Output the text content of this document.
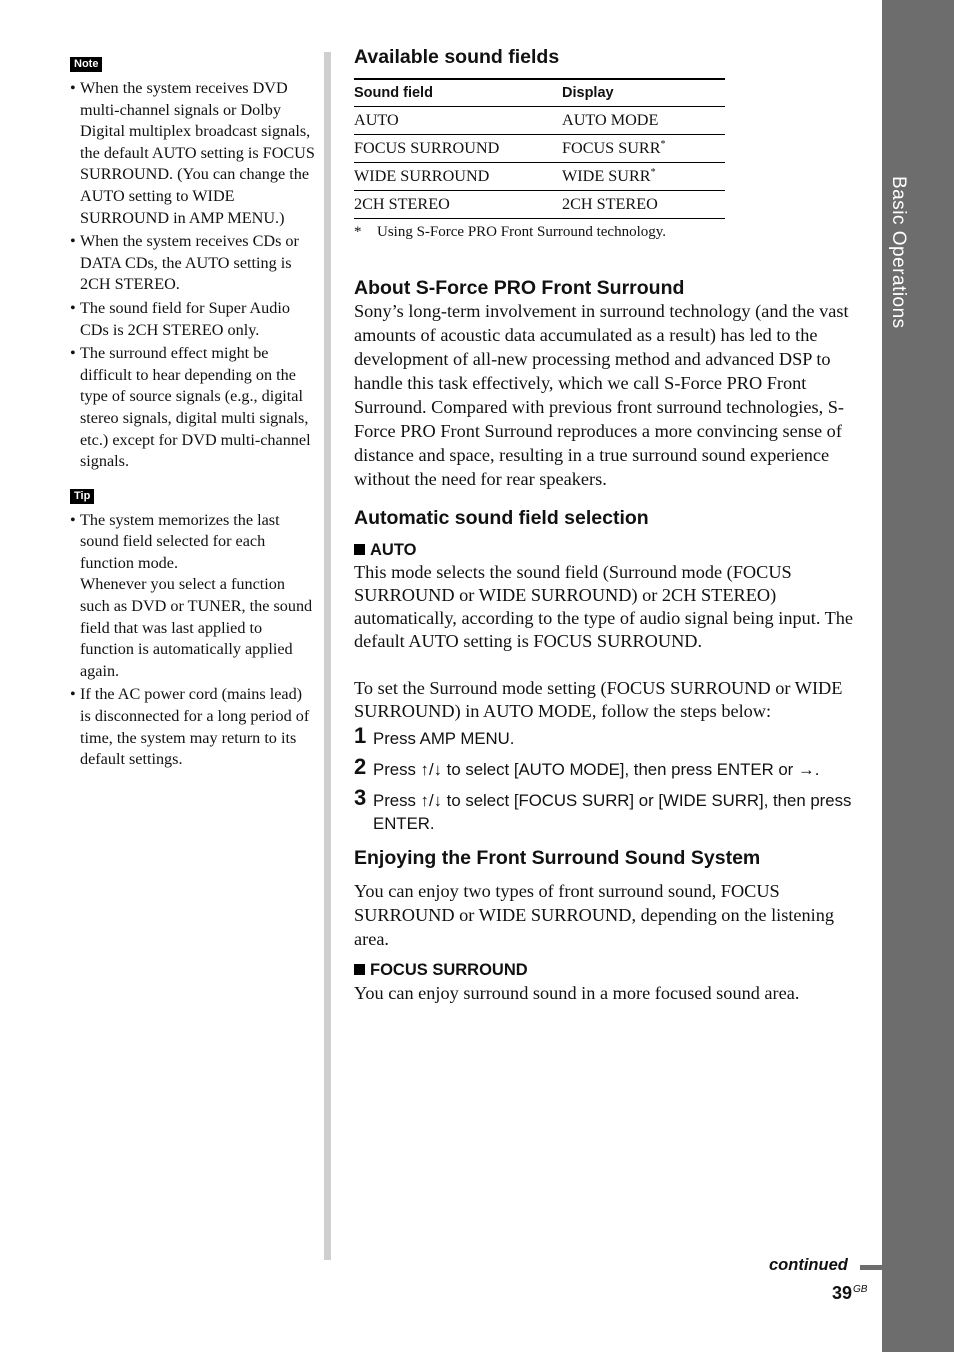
Basic Operations
Note
• When the system receives DVD multi-channel signals or Dolby Digital multiplex broadcast signals, the default AUTO setting is FOCUS SURROUND. (You can change the AUTO setting to WIDE SURROUND in AMP MENU.)
• When the system receives CDs or DATA CDs, the AUTO setting is 2CH STEREO.
• The sound field for Super Audio CDs is 2CH STEREO only.
• The surround effect might be difficult to hear depending on the type of source signals (e.g., digital stereo signals, digital multi signals, etc.) except for DVD multi-channel signals.
Tip
• The system memorizes the last sound field selected for each function mode.
Whenever you select a function such as DVD or TUNER, the sound field that was last applied to function is automatically applied again.
• If the AC power cord (mains lead) is disconnected for a long period of time, the system may return to its default settings.
Available sound fields
Sound field	Display
AUTO	AUTO MODE
FOCUS SURROUND	FOCUS SURR*
WIDE SURROUND	WIDE SURR*
2CH STEREO	2CH STEREO
* Using S-Force PRO Front Surround technology.
About S-Force PRO Front Surround

Sony’s long-term involvement in surround technology (and the vast amounts of acoustic data accumulated as a result) has led to the development of all-new processing method and advanced DSP to handle this task effectively, which we call S-Force PRO Front Surround. Compared with previous front surround technologies, S-Force PRO Front Surround reproduces a more convincing sense of distance and space, resulting in a true surround sound experience without the need for rear speakers.

Automatic sound field selection
AUTO

This mode selects the sound field (Surround mode (FOCUS SURROUND or WIDE SURROUND) or 2CH STEREO) automatically, according to the type of audio signal being input. The default AUTO setting is FOCUS SURROUND.

To set the Surround mode setting (FOCUS SURROUND or WIDE SURROUND) in AUTO MODE, follow the steps below:

1 Press AMP MENU.
2 Press ↑/↓ to select [AUTO MODE], then press ENTER or →.
3 Press ↑/↓ to select [FOCUS SURR] or [WIDE SURR], then press ENTER.
Enjoying the Front Surround Sound System

You can enjoy two types of front surround sound, FOCUS SURROUND or WIDE SURROUND, depending on the listening area.

FOCUS SURROUND

You can enjoy surround sound in a more focused sound area.

continued
$39^{GB}$
